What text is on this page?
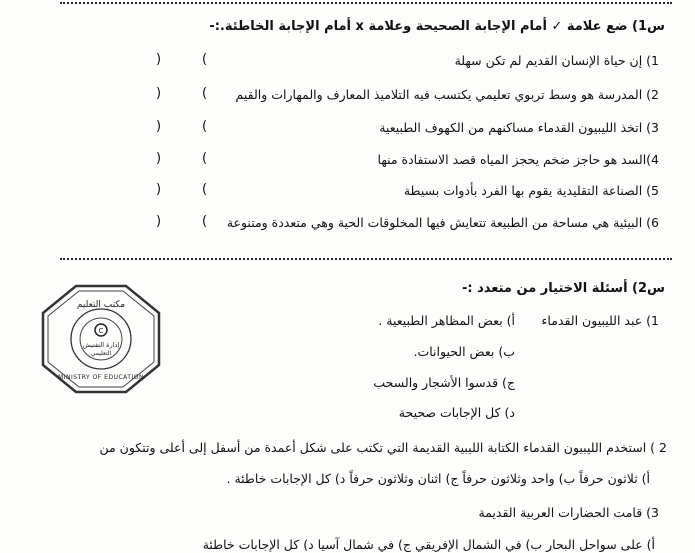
س1) ضع علامة ✓ أمام الإجابة الصحيحة وعلامة x أمام الإجابة الخاطئة.:-
1) إن حياة الإنسان القديم لم تكن سهلة
(
)
2) المدرسة هو وسط تربوي تعليمي يكتسب فيه التلاميذ المعارف والمهارات والقيم
(
)
3) اتخذ الليبيون القدماء مساكنهم من الكهوف الطبيعية
(
)
4)السد هو حاجز ضخم يحجز المياه قصد الاستفادة منها
(
)
5) الصناعة التقليدية يقوم بها الفرد بأدوات بسيطة
(
)
6) البيئية هي مساحة من الطبيعة تتعايش فيها المخلوقات الحية وهي متعددة ومتنوعة
(
)
س2) أسئلة الاختيار من متعدد :-
1) عبد الليبيون القدماء
أ) بعض المظاهر الطبيعية .
ب) بعض الحيوانات.
ج) قدسوا الأشجار والسحب
د) كل الإجابات صحيحة
2 ) استخدم الليبيون القدماء الكتابة الليبية القديمة التي تكتب على شكل أعمدة من أسفل إلى أعلى وتتكون من
أ) ثلاثون حرفاً ب) واحد وثلاثون حرفاً ج) اثنان وثلاثون حرفاً د) كل الإجابات خاطئة .
3) قامت الحضارات العربية القديمة
أ) على سواحل البحار ب) في الشمال الإفريقي ج) في شمال آسيا د) كل الإجابات خاطئة
مكتب التعليم
C
إدارة التفتيش
التعليمي
MINISTRY OF EDUCATION
